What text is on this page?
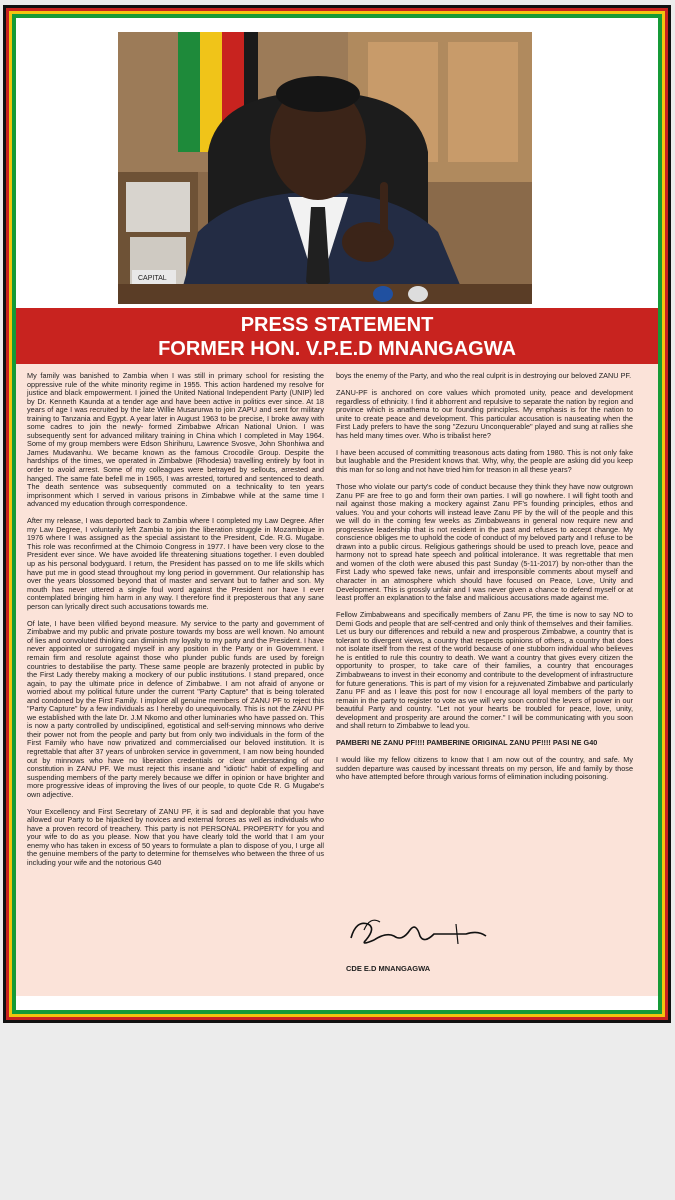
CAPITAL
PRESS STATEMENT
FORMER HON. V.P.E.D MNANGAGWA

My family was banished to Zambia when I was still in primary school for resisting the oppressive rule of the white minority regime in 1955. This action hardened my resolve for justice and black empowerment. I joined the United National Independent Party (UNIP) led by Dr. Kenneth Kaunda at a tender age and have been active in politics ever since. At 18 years of age I was recruited by the late Willie Musarurwa to join ZAPU and sent for military training to Tanzania and Egypt. A year later in August 1963 to be precise, I broke away with some cadres to join the newly- formed Zimbabwe African National Union. I was subsequently sent for advanced military training in China which I completed in May 1964. Some of my group members were Edson Shirihuru, Lawrence Svosve, John Shonhiwa and James Mudavanhu. We became known as the famous Crocodile Group. Despite the hardships of the times, we operated in Zimbabwe (Rhodesia) travelling entirely by foot in order to avoid arrest. Some of my colleagues were betrayed by sellouts, arrested and hanged. The same fate befell me in 1965, I was arrested, tortured and sentenced to death. The death sentence was subsequently commuted on a technicality to ten years imprisonment which I served in various prisons in Zimbabwe while at the same time I advanced my education through correspondence.

After my release, I was deported back to Zambia where I completed my Law Degree. After my Law Degree, I voluntarily left Zambia to join the liberation struggle in Mozambique in 1976 where I was assigned as the special assistant to the President, Cde. R.G. Mugabe. This role was reconfirmed at the Chimoio Congress in 1977. I have been very close to the President ever since. We have avoided life threatening situations together. I even doubled up as his personal bodyguard. I return, the President has passed on to me life skills which have put me in good stead throughout my long period in government. Our relationship has over the years blossomed beyond that of master and servant but to father and son. My mouth has never uttered a single foul word against the President nor have I ever contemplated bringing him harm in any way. I therefore find it preposterous that any sane person can lyrically direct such accusations towards me.

Of late, I have been vilified beyond measure. My service to the party and government of Zimbabwe and my public and private posture towards my boss are well known. No amount of lies and convoluted thinking can diminish my loyalty to my party and the President. I have never appointed or surrogated myself in any position in the Party or in Government. I remain firm and resolute against those who plunder public funds are used by foreign countries to destabilise the party. These same people are brazenly protected in public by the First Lady thereby making a mockery of our public institutions. I stand prepared, once again, to pay the ultimate price in defence of Zimbabwe. I am not afraid of anyone or worried about my political future under the current "Party Capture" that is being tolerated and condoned by the First Family. I implore all genuine members of ZANU PF to reject this "Party Capture" by a few individuals as I hereby do unequivocally. This is not the ZANU PF we established with the late Dr. J.M Nkomo and other luminaries who have passed on. This is now a party controlled by undisciplined, egotistical and self-serving minnows who derive their power not from the people and party but from only two individuals in the form of the First Family who have now privatized and commercialised our beloved institution. It is regrettable that after 37 years of unbroken service in government, I am now being hounded out by minnows who have no liberation credentials or clear understanding of our constitution in ZANU PF. We must reject this insane and "idiotic" habit of expelling and suspending members of the party merely because we differ in opinion or have brighter and more progressive ideas of improving the lives of our people, to quote Cde R. G Mugabe's own adjective.

Your Excellency and First Secretary of ZANU PF, it is sad and deplorable that you have allowed our Party to be hijacked by novices and external forces as well as individuals who have a proven record of treachery. This party is not PERSONAL PROPERTY for you and your wife to do as you please. Now that you have clearly told the world that I am your enemy who has taken in excess of 50 years to formulate a plan to dispose of you, I urge all the genuine members of the party to determine for themselves who between the three of us including your wife and the notorious G40

boys the enemy of the Party, and who the real culprit is in destroying our beloved ZANU PF.

ZANU-PF is anchored on core values which promoted unity, peace and development regardless of ethnicity. I find it abhorrent and repulsive to separate the nation by region and province which is anathema to our founding principles. My emphasis is for the nation to unite to create peace and development. This particular accusation is nauseating when the First Lady prefers to have the song "Zezuru Unconquerable" played and sung at rallies she has held many times over. Who is tribalist here?

I have been accused of committing treasonous acts dating from 1980. This is not only fake but laughable and the President knows that. Why, why, the people are asking did you keep this man for so long and not have tried him for treason in all these years?

Those who violate our party's code of conduct because they think they have now outgrown Zanu PF are free to go and form their own parties. I will go nowhere. I will fight tooth and nail against those making a mockery against Zanu PF's founding principles, ethos and values. You and your cohorts will instead leave Zanu PF by the will of the people and this we will do in the coming few weeks as Zimbabweans in general now require new and progressive leadership that is not resident in the past and refuses to accept change. My conscience obliges me to uphold the code of conduct of my beloved party and I refuse to be drawn into a public circus. Religious gatherings should be used to preach love, peace and harmony not to spread hate speech and political intolerance. It was regrettable that men and women of the cloth were abused this past Sunday (5-11-2017) by non-other than the First Lady who spewed fake news, unfair and irresponsible comments about myself and character in an atmosphere which should have focused on Peace, Love, Unity and Development. This is grossly unfair and I was never given a chance to defend myself or at least proffer an explanation to the false and malicious accusations made against me.

Fellow Zimbabweans and specifically members of Zanu PF, the time is now to say NO to Demi Gods and people that are self-centred and only think of themselves and their families. Let us bury our differences and rebuild a new and prosperous Zimbabwe, a country that is tolerant to divergent views, a country that respects opinions of others, a country that does not isolate itself from the rest of the world because of one stubborn individual who believes he is entitled to rule this country to death. We want a country that gives every citizen the opportunity to prosper, to take care of their families, a country that encourages Zimbabweans to invest in their economy and contribute to the development of infrastructure for future generations. This is part of my vision for a rejuvenated Zimbabwe and particularly Zanu PF and as I leave this post for now I encourage all loyal members of the party to remain in the party to register to vote as we will very soon control the levers of power in our beautiful Party and country. "Let not your hearts be troubled for peace, love, unity, development and prosperity are around the corner." I will be communicating with you soon and shall return to Zimbabwe to lead you.

PAMBERI NE ZANU PF!!!! PAMBERINE ORIGINAL ZANU PF!!!! PASI NE G40

I would like my fellow citizens to know that I am now out of the country, and safe. My sudden departure was caused by incessant threats on my person, life and family by those who have attempted before through various forms of elimination including poisoning.

CDE E.D MNANGAGWA
